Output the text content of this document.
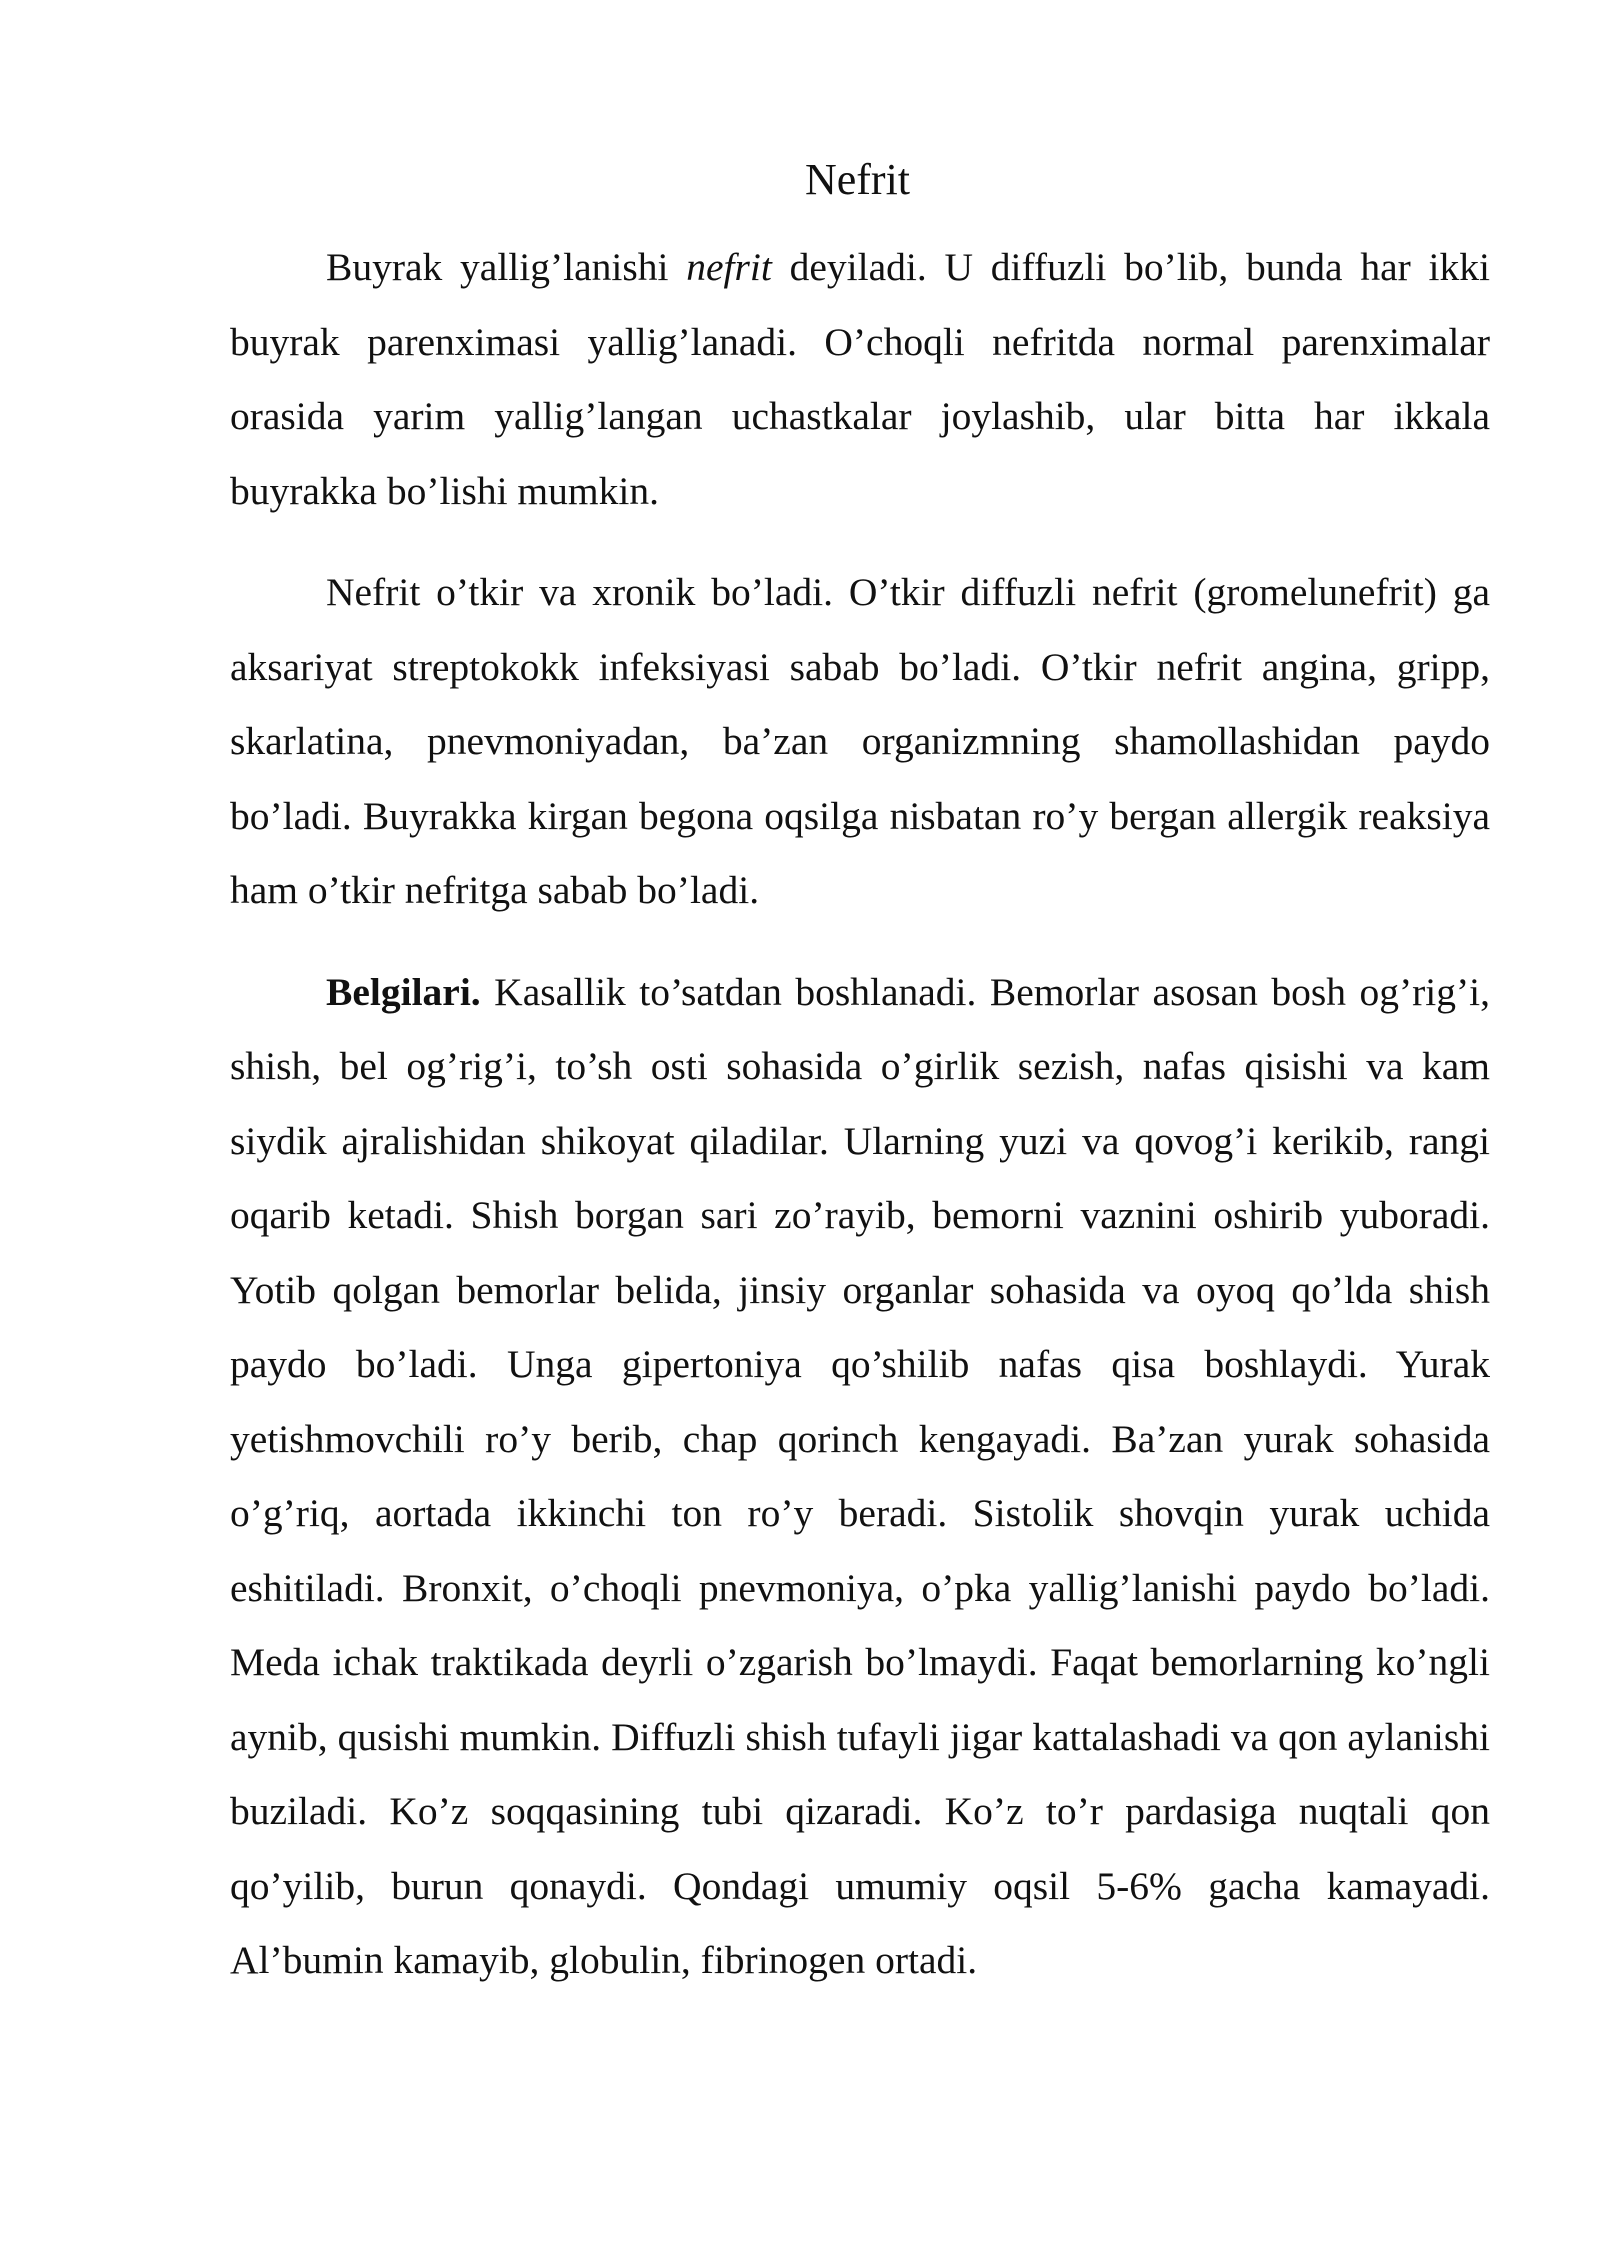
Nefrit

Buyrak yallig’lanishi nefrit deyiladi. U diffuzli bo’lib, bunda har ikki buyrak parenximasi yallig’lanadi. O’choqli nefritda normal parenximalar orasida yarim yallig’langan uchastkalar joylashib, ular bitta har ikkala buyrakka bo’lishi mumkin.

Nefrit o’tkir va xronik bo’ladi. O’tkir diffuzli nefrit (gromelunefrit) ga aksariyat streptokokk infeksiyasi sabab bo’ladi. O’tkir nefrit angina, gripp, skarlatina, pnevmoniyadan, ba’zan organizmning shamollashidan paydo bo’ladi. Buyrakka kirgan begona oqsilga nisbatan ro’y bergan allergik reaksiya ham o’tkir nefritga sabab bo’ladi.

Belgilari. Kasallik to’satdan boshlanadi. Bemorlar asosan bosh og’rig’i, shish, bel og’rig’i, to’sh osti sohasida o’girlik sezish, nafas qisishi va kam siydik ajralishidan shikoyat qiladilar. Ularning yuzi va qovog’i kerikib, rangi oqarib ketadi. Shish borgan sari zo’rayib, bemorni vaznini oshirib yuboradi. Yotib qolgan bemorlar belida, jinsiy organlar sohasida va oyoq qo’lda shish paydo bo’ladi. Unga gipertoniya qo’shilib nafas qisa boshlaydi. Yurak yetishmovchili ro’y berib, chap qorinch kengayadi. Ba’zan yurak sohasida o’g’riq, aortada ikkinchi ton ro’y beradi. Sistolik shovqin yurak uchida eshitiladi. Bronxit, o’choqli pnevmoniya, o’pka yallig’lanishi paydo bo’ladi. Meda ichak traktikada deyrli o’zgarish bo’lmaydi. Faqat bemorlarning ko’ngli aynib, qusishi mumkin. Diffuzli shish tufayli jigar kattalashadi va qon aylanishi buziladi. Ko’z soqqasining tubi qizaradi. Ko’z to’r pardasiga nuqtali qon qo’yilib, burun qonaydi. Qondagi umumiy oqsil 5-6% gacha kamayadi. Al’bumin kamayib, globulin, fibrinogen ortadi.
